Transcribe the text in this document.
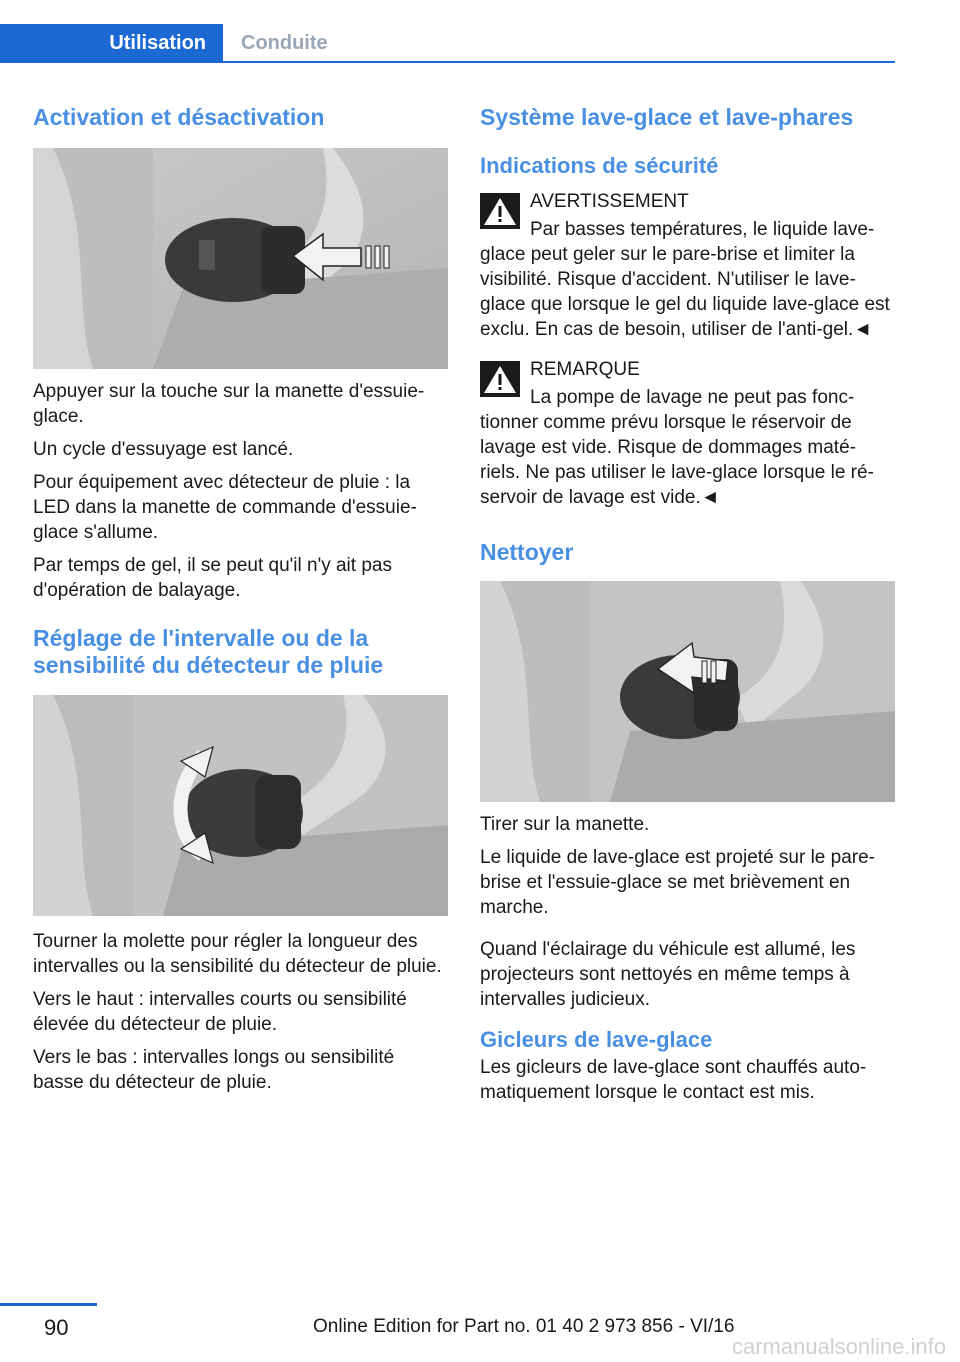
Utilisation	Conduite
Activation et désactivation

Appuyer sur la touche sur la manette d'essuie-glace.

Un cycle d'essuyage est lancé.

Pour équipement avec détecteur de pluie : la LED dans la manette de commande d'essuie-glace s'allume.

Par temps de gel, il se peut qu'il n'y ait pas d'opération de balayage.

Réglage de l'intervalle ou de la sensibilité du détecteur de pluie

Tourner la molette pour régler la longueur des intervalles ou la sensibilité du détecteur de pluie.

Vers le haut : intervalles courts ou sensibilité élevée du détecteur de pluie.

Vers le bas : intervalles longs ou sensibilité basse du détecteur de pluie.

Système lave-glace et lave-phares
Indications de sécurité

AVERTISSEMENT

Par basses températures, le liquide lave-glace peut geler sur le pare-brise et limiter la visibilité. Risque d'accident. N'utiliser le lave-glace que lorsque le gel du liquide lave-glace est exclu. En cas de besoin, utiliser de l'anti-gel.◄

REMARQUE

La pompe de lavage ne peut pas fonc-tionner comme prévu lorsque le réservoir de lavage est vide. Risque de dommages maté-riels. Ne pas utiliser le lave-glace lorsque le ré-servoir de lavage est vide.◄

Nettoyer

Tirer sur la manette.

Le liquide de lave-glace est projeté sur le pare-brise et l'essuie-glace se met brièvement en marche.

Quand l'éclairage du véhicule est allumé, les projecteurs sont nettoyés en même temps à intervalles judicieux.

Gicleurs de lave-glace

Les gicleurs de lave-glace sont chauffés auto-matiquement lorsque le contact est mis.

90	Online Edition for Part no. 01 40 2 973 856 - VI/16
carmanualsonline.info
